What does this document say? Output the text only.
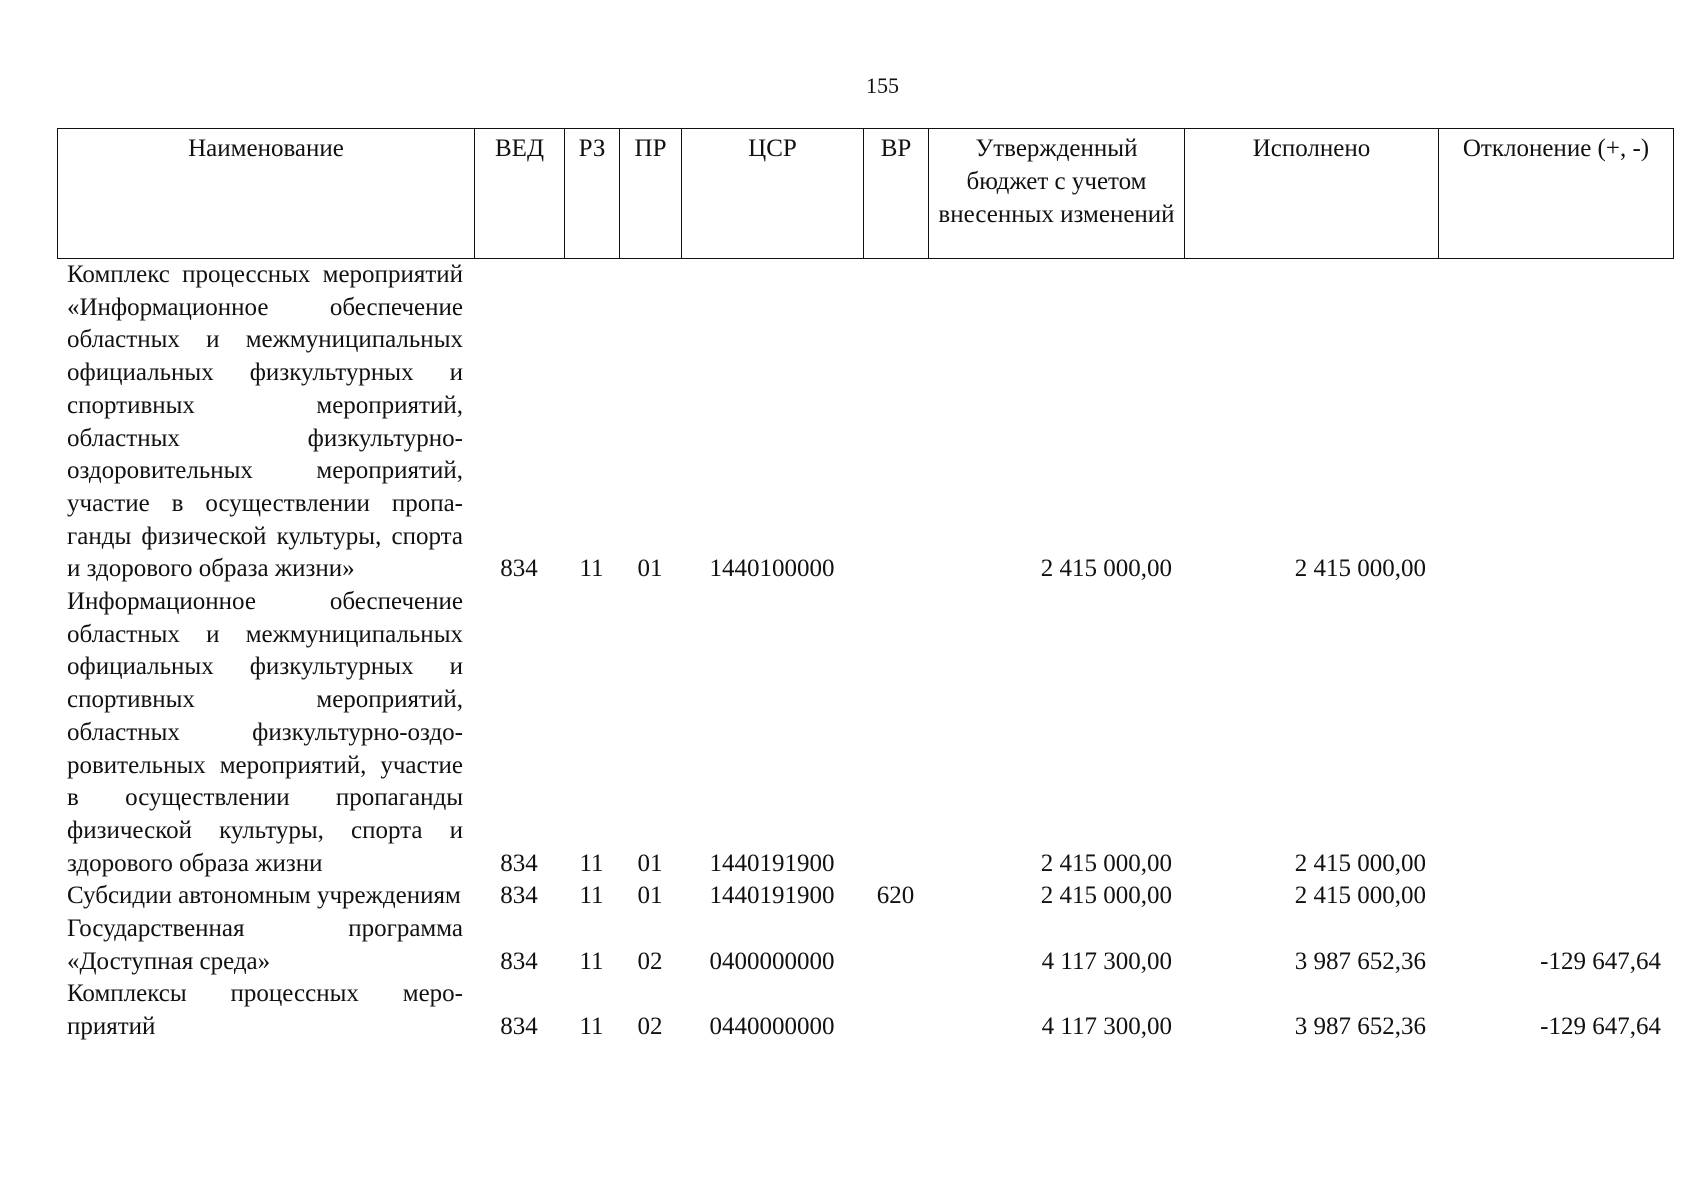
155
Наименование	ВЕД	РЗ	ПР	ЦСР	ВР	Утвержденный бюджет с учетом внесенных изменений	Исполнено	Отклонение (+, -)
Комплекс процессных мероприятий «Информационное обеспечение областных и межмуниципальных официальных физкультурных и спортивных мероприятий, областных физкультурно-оздоровительных мероприятий, участие в осуществлении пропаганды физической культуры, спорта и здорового образа жизни»	834	11	01	1440100000		2 415 000,00	2 415 000,00	
Информационное обеспечение областных и межмуниципальных официальных физкультурных и спортивных мероприятий, областных физкультурно-оздоровительных мероприятий, участие в осуществлении пропаганды физической культуры, спорта и здорового образа жизни	834	11	01	1440191900		2 415 000,00	2 415 000,00	
Субсидии автономным учреждениям	834	11	01	1440191900	620	2 415 000,00	2 415 000,00	
Государственная программа «Доступная среда»	834	11	02	0400000000		4 117 300,00	3 987 652,36	-129 647,64
Комплексы процессных мероприятий	834	11	02	0440000000		4 117 300,00	3 987 652,36	-129 647,64
